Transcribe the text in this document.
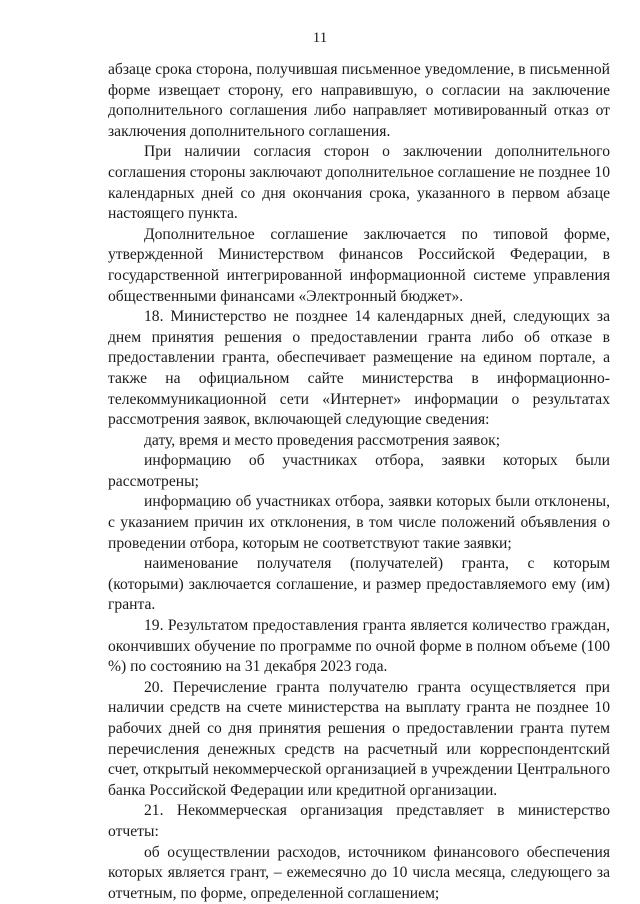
11

абзаце срока сторона, получившая письменное уведомление, в письменной форме извещает сторону, его направившую, о согласии на заключение дополнительного соглашения либо направляет мотивированный отказ от заключения дополнительного соглашения.

При наличии согласия сторон о заключении дополнительного соглашения стороны заключают дополнительное соглашение не позднее 10 календарных дней со дня окончания срока, указанного в первом абзаце настоящего пункта.

Дополнительное соглашение заключается по типовой форме, утвержденной Министерством финансов Российской Федерации, в государственной интегрированной информационной системе управления общественными финансами «Электронный бюджет».

18. Министерство не позднее 14 календарных дней, следующих за днем принятия решения о предоставлении гранта либо об отказе в предоставлении гранта, обеспечивает размещение на едином портале, а также на официальном сайте министерства в информационно-телекоммуникационной сети «Интернет» информации о результатах рассмотрения заявок, включающей следующие сведения:

дату, время и место проведения рассмотрения заявок;

информацию об участниках отбора, заявки которых были рассмотрены;

информацию об участниках отбора, заявки которых были отклонены, с указанием причин их отклонения, в том числе положений объявления о проведении отбора, которым не соответствуют такие заявки;

наименование получателя (получателей) гранта, с которым (которыми) заключается соглашение, и размер предоставляемого ему (им) гранта.

19. Результатом предоставления гранта является количество граждан, окончивших обучение по программе по очной форме в полном объеме (100 %) по состоянию на 31 декабря 2023 года.

20. Перечисление гранта получателю гранта осуществляется при наличии средств на счете министерства на выплату гранта не позднее 10 рабочих дней со дня принятия решения о предоставлении гранта путем перечисления денежных средств на расчетный или корреспондентский счет, открытый некоммерческой организацией в учреждении Центрального банка Российской Федерации или кредитной организации.

21. Некоммерческая организация представляет в министерство отчеты:

об осуществлении расходов, источником финансового обеспечения которых является грант, – ежемесячно до 10 числа месяца, следующего за отчетным, по форме, определенной соглашением;
